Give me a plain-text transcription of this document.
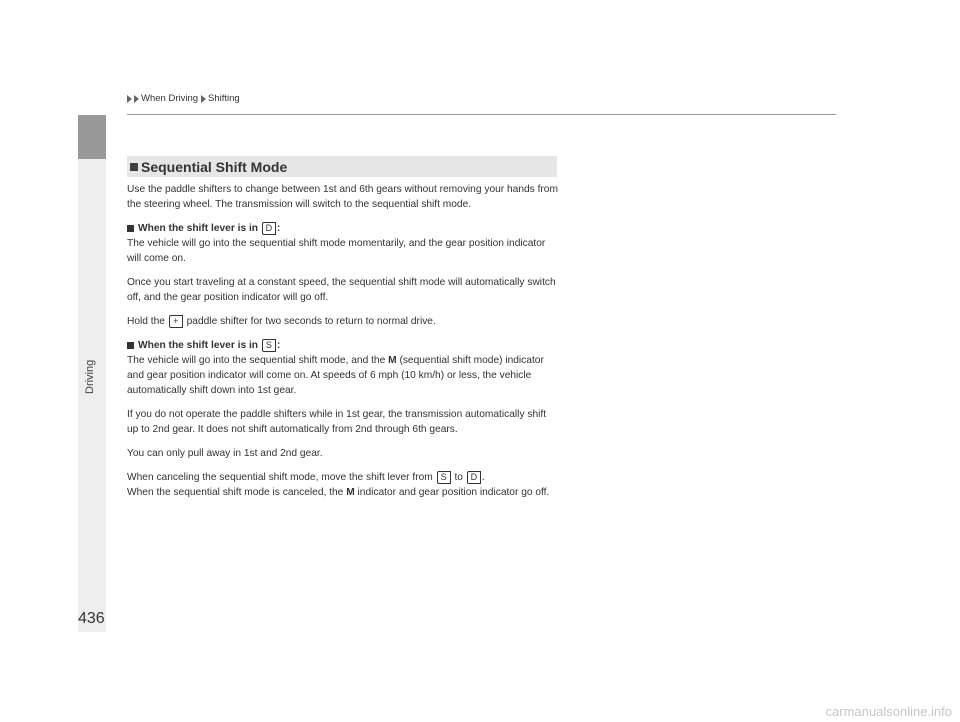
When Driving Shifting
Driving
436
Sequential Shift Mode

Use the paddle shifters to change between 1st and 6th gears without removing your hands from the steering wheel. The transmission will switch to the sequential shift mode.

When the shift lever is in
D :

The vehicle will go into the sequential shift mode momentarily, and the gear position indicator will come on.

Once you start traveling at a constant speed, the sequential shift mode will automatically switch off, and the gear position indicator will go off.

Hold the + paddle shifter for two seconds to return to normal drive.

When the shift lever is in
S :

The vehicle will go into the sequential shift mode, and the M (sequential shift mode) indicator and gear position indicator will come on. At speeds of 6 mph (10 km/h) or less, the vehicle automatically shift down into 1st gear.

If you do not operate the paddle shifters while in 1st gear, the transmission automatically shift up to 2nd gear. It does not shift automatically from 2nd through 6th gears.

You can only pull away in 1st and 2nd gear.

When canceling the sequential shift mode, move the shift lever from S to D .
When the sequential shift mode is canceled, the M indicator and gear position indicator go off.

carmanualsonline.info
